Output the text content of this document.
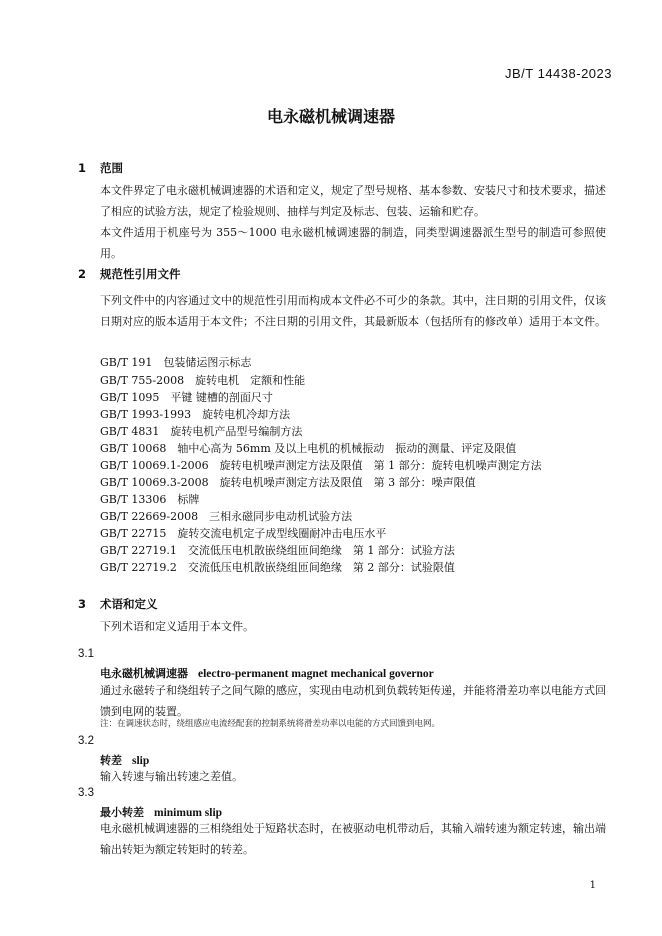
JB/T 14438-2023
电永磁机械调速器
1 范围
本文件界定了电永磁机械调速器的术语和定义，规定了型号规格、基本参数、安装尺寸和技术要求，描述了相应的试验方法，规定了检验规则、抽样与判定及标志、包装、运输和贮存。
本文件适用于机座号为 355～1000 电永磁机械调速器的制造，同类型调速器派生型号的制造可参照使用。
2 规范性引用文件
下列文件中的内容通过文中的规范性引用而构成本文件必不可少的条款。其中，注日期的引用文件，仅该日期对应的版本适用于本文件；不注日期的引用文件，其最新版本（包括所有的修改单）适用于本文件。
GB/T 191　包装储运图示标志
GB/T 755-2008　旋转电机　定额和性能
GB/T 1095　平键 键槽的剖面尺寸
GB/T 1993-1993　旋转电机冷却方法
GB/T 4831　旋转电机产品型号编制方法
GB/T 10068　轴中心高为 56mm 及以上电机的机械振动　振动的测量、评定及限值
GB/T 10069.1-2006　旋转电机噪声测定方法及限值　第 1 部分：旋转电机噪声测定方法
GB/T 10069.3-2008　旋转电机噪声测定方法及限值　第 3 部分：噪声限值
GB/T 13306　标牌
GB/T 22669-2008　三相永磁同步电动机试验方法
GB/T 22715　旋转交流电机定子成型线圈耐冲击电压水平
GB/T 22719.1　交流低压电机散嵌绕组匝间绝缘　第 1 部分：试验方法
GB/T 22719.2　交流低压电机散嵌绕组匝间绝缘　第 2 部分：试验限值
3 术语和定义
下列术语和定义适用于本文件。
3.1
电永磁机械调速器 electro-permanent magnet mechanical governor
通过永磁转子和绕组转子之间气隙的感应，实现由电动机到负载转矩传递，并能将滑差功率以电能方式回馈到电网的装置。
注：在调速状态时，绕组感应电流经配套的控制系统将滑差功率以电能的方式回馈到电网。
3.2
转差 slip
输入转速与输出转速之差值。
3.3
最小转差 minimum slip
电永磁机械调速器的三相绕组处于短路状态时，在被驱动电机带动后，其输入端转速为额定转速，输出端输出转矩为额定转矩时的转差。
1
